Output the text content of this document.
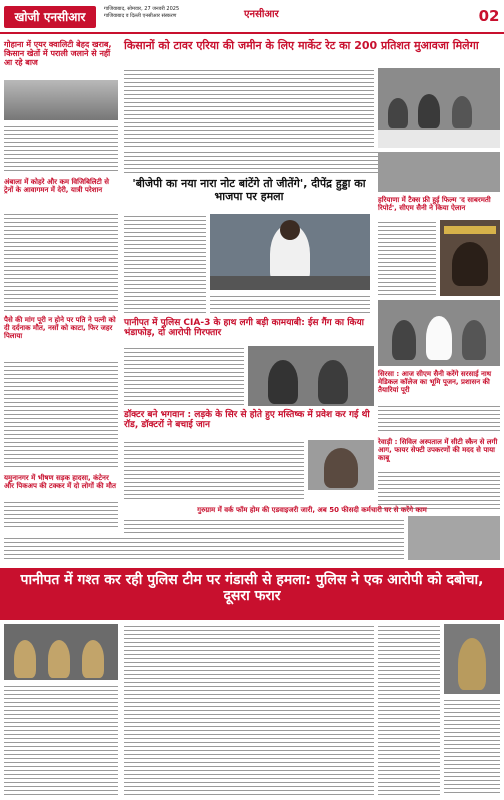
खोजी एनसीआर
गाजियाबाद, सोमवार, 27 जनवरी 2025
गाजियाबाद व दिल्ली एनसीआर संस्करण	एनसीआर	02
गोहाना में एयर क्वालिटी बेहद खराब, किसान खेतों में पराली जलाने से नहीं आ रहे बाज
किसानों को टावर एरिया की जमीन के लिए मार्केट रेट का 200 प्रतिशत मुआवजा मिलेगा
अंबाला में कोहरे और कम विजिबिलिटी से ट्रेनों के आवागमन में देरी, यात्री परेशान
'बीजेपी का नया नारा नोट बांटेंगे तो जीतेंगे', दीपेंद्र हुड्डा का भाजपा पर हमला	हरियाणा में टैक्स फ्री हुई फिल्म 'द साबरमती रिपोर्ट', सीएम सैनी ने किया ऐलान
पैसे की मांग पूरी न होने पर पति ने पत्नी को दी दर्दनाक मौत, नसों को काटा, फिर जहर पिलाया
पानीपत में पुलिस CIA-3 के हाथ लगी बड़ी कामयाबी: ईस गैंग का किया भंडाफोड़, दो आरोपी गिरफ्तार
सिरसा : आज सीएम सैनी करेंगे सरसाई नाथ मेडिकल कॉलेज का भूमि पूजन, प्रशासन की तैयारियां पूरी
डॉक्टर बने भगवान : लड़के के सिर से होते हुए मस्तिष्क में प्रवेश कर गई थी रॉड, डॉक्टरों ने बचाई जान
रेवाड़ी : सिविल अस्पताल में सीटी स्कैन से लगी आग, फायर सेफ्टी उपकरणों की मदद से पाया काबू
यमुनानगर में भीषण सड़क हादसा, कंटेनर और पिकअप की टक्कर में दो लोगों की मौत
गुरुग्राम में वर्क फॉम होम की एडवाइजरी जारी, अब 50 फीसदी कर्मचारी घर से करेंगे काम
पानीपत में गश्त कर रही पुलिस टीम पर गंडासी से हमला: पुलिस ने एक आरोपी को दबोचा, दूसरा फरार
